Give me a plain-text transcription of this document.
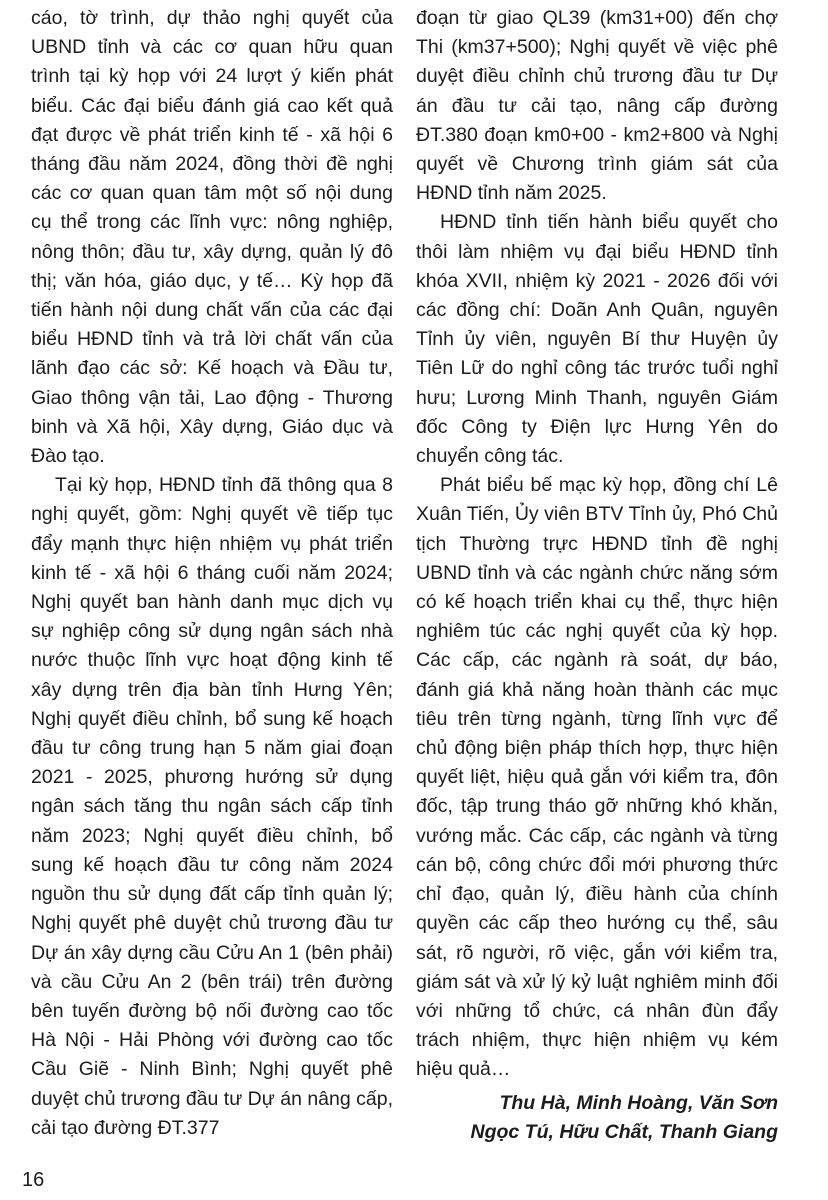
cáo, tờ trình, dự thảo nghị quyết của UBND tỉnh và các cơ quan hữu quan trình tại kỳ họp với 24 lượt ý kiến phát biểu. Các đại biểu đánh giá cao kết quả đạt được về phát triển kinh tế - xã hội 6 tháng đầu năm 2024, đồng thời đề nghị các cơ quan quan tâm một số nội dung cụ thể trong các lĩnh vực: nông nghiệp, nông thôn; đầu tư, xây dựng, quản lý đô thị; văn hóa, giáo dục, y tế… Kỳ họp đã tiến hành nội dung chất vấn của các đại biểu HĐND tỉnh và trả lời chất vấn của lãnh đạo các sở: Kế hoạch và Đầu tư, Giao thông vận tải, Lao động - Thương binh và Xã hội, Xây dựng, Giáo dục và Đào tạo.

Tại kỳ họp, HĐND tỉnh đã thông qua 8 nghị quyết, gồm: Nghị quyết về tiếp tục đẩy mạnh thực hiện nhiệm vụ phát triển kinh tế - xã hội 6 tháng cuối năm 2024; Nghị quyết ban hành danh mục dịch vụ sự nghiệp công sử dụng ngân sách nhà nước thuộc lĩnh vực hoạt động kinh tế xây dựng trên địa bàn tỉnh Hưng Yên; Nghị quyết điều chỉnh, bổ sung kế hoạch đầu tư công trung hạn 5 năm giai đoạn 2021 - 2025, phương hướng sử dụng ngân sách tăng thu ngân sách cấp tỉnh năm 2023; Nghị quyết điều chỉnh, bổ sung kế hoạch đầu tư công năm 2024 nguồn thu sử dụng đất cấp tỉnh quản lý; Nghị quyết phê duyệt chủ trương đầu tư Dự án xây dựng cầu Cửu An 1 (bên phải) và cầu Cửu An 2 (bên trái) trên đường bên tuyến đường bộ nối đường cao tốc Hà Nội - Hải Phòng với đường cao tốc Cầu Giẽ - Ninh Bình; Nghị quyết phê duyệt chủ trương đầu tư Dự án nâng cấp, cải tạo đường ĐT.377

đoạn từ giao QL39 (km31+00) đến chợ Thi (km37+500); Nghị quyết về việc phê duyệt điều chỉnh chủ trương đầu tư Dự án đầu tư cải tạo, nâng cấp đường ĐT.380 đoạn km0+00 - km2+800 và Nghị quyết về Chương trình giám sát của HĐND tỉnh năm 2025.

HĐND tỉnh tiến hành biểu quyết cho thôi làm nhiệm vụ đại biểu HĐND tỉnh khóa XVII, nhiệm kỳ 2021 - 2026 đối với các đồng chí: Doãn Anh Quân, nguyên Tỉnh ủy viên, nguyên Bí thư Huyện ủy Tiên Lữ do nghỉ công tác trước tuổi nghỉ hưu; Lương Minh Thanh, nguyên Giám đốc Công ty Điện lực Hưng Yên do chuyển công tác.

Phát biểu bế mạc kỳ họp, đồng chí Lê Xuân Tiến, Ủy viên BTV Tỉnh ủy, Phó Chủ tịch Thường trực HĐND tỉnh đề nghị UBND tỉnh và các ngành chức năng sớm có kế hoạch triển khai cụ thể, thực hiện nghiêm túc các nghị quyết của kỳ họp. Các cấp, các ngành rà soát, dự báo, đánh giá khả năng hoàn thành các mục tiêu trên từng ngành, từng lĩnh vực để chủ động biện pháp thích hợp, thực hiện quyết liệt, hiệu quả gắn với kiểm tra, đôn đốc, tập trung tháo gỡ những khó khăn, vướng mắc. Các cấp, các ngành và từng cán bộ, công chức đổi mới phương thức chỉ đạo, quản lý, điều hành của chính quyền các cấp theo hướng cụ thể, sâu sát, rõ người, rõ việc, gắn với kiểm tra, giám sát và xử lý kỷ luật nghiêm minh đối với những tổ chức, cá nhân đùn đẩy trách nhiệm, thực hiện nhiệm vụ kém hiệu quả…

Thu Hà, Minh Hoàng, Văn Sơn
Ngọc Tú, Hữu Chất, Thanh Giang
16
